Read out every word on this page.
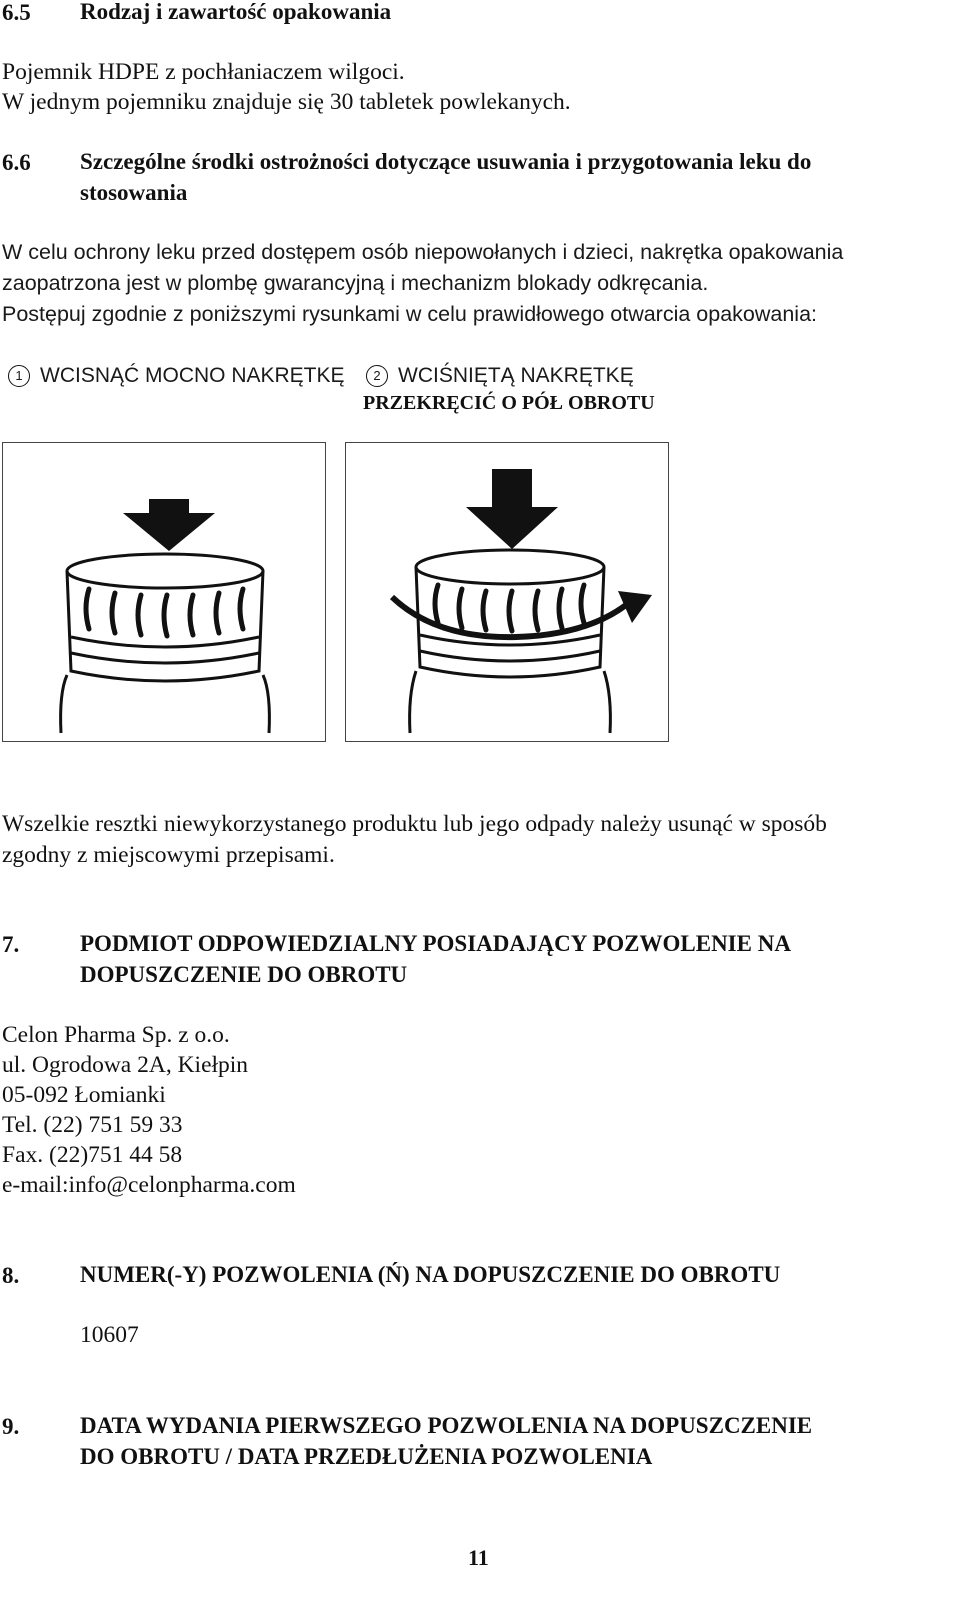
6.5 Rodzaj i zawartość opakowania

Pojemnik HDPE z pochłaniaczem wilgoci.

W jednym pojemniku znajduje się 30 tabletek powlekanych.

6.6 Szczególne środki ostrożności dotyczące usuwania i przygotowania leku do
stosowania

W celu ochrony leku przed dostępem osób niepowołanych i dzieci, nakrętka opakowania

zaopatrzona jest w plombę gwarancyjną i mechanizm blokady odkręcania.

Postępuj zgodnie z poniższymi rysunkami w celu prawidłowego otwarcia opakowania:

1 WCISNĄĆ MOCNO NAKRĘTKĘ	2 WCIŚNIĘTĄ NAKRĘTKĘ
PRZEKRĘCIĆ O PÓŁ OBROTU

Wszelkie resztki niewykorzystanego produktu lub jego odpady należy usunąć w sposób

zgodny z miejscowymi przepisami.

7.	PODMIOT ODPOWIEDZIALNY POSIADAJĄCY POZWOLENIE NA
DOPUSZCZENIE DO OBROTU

Celon Pharma Sp. z o.o.

ul. Ogrodowa 2A, Kiełpin

05-092 Łomianki

Tel. (22) 751 59 33

Fax. (22)751 44 58

e-mail:info@celonpharma.com

8.	NUMER(-Y) POZWOLENIA (Ń) NA DOPUSZCZENIE DO OBROTU

10607

9.	DATA WYDANIA PIERWSZEGO POZWOLENIA NA DOPUSZCZENIE
DO OBROTU / DATA PRZEDŁUŻENIA POZWOLENIA
11
